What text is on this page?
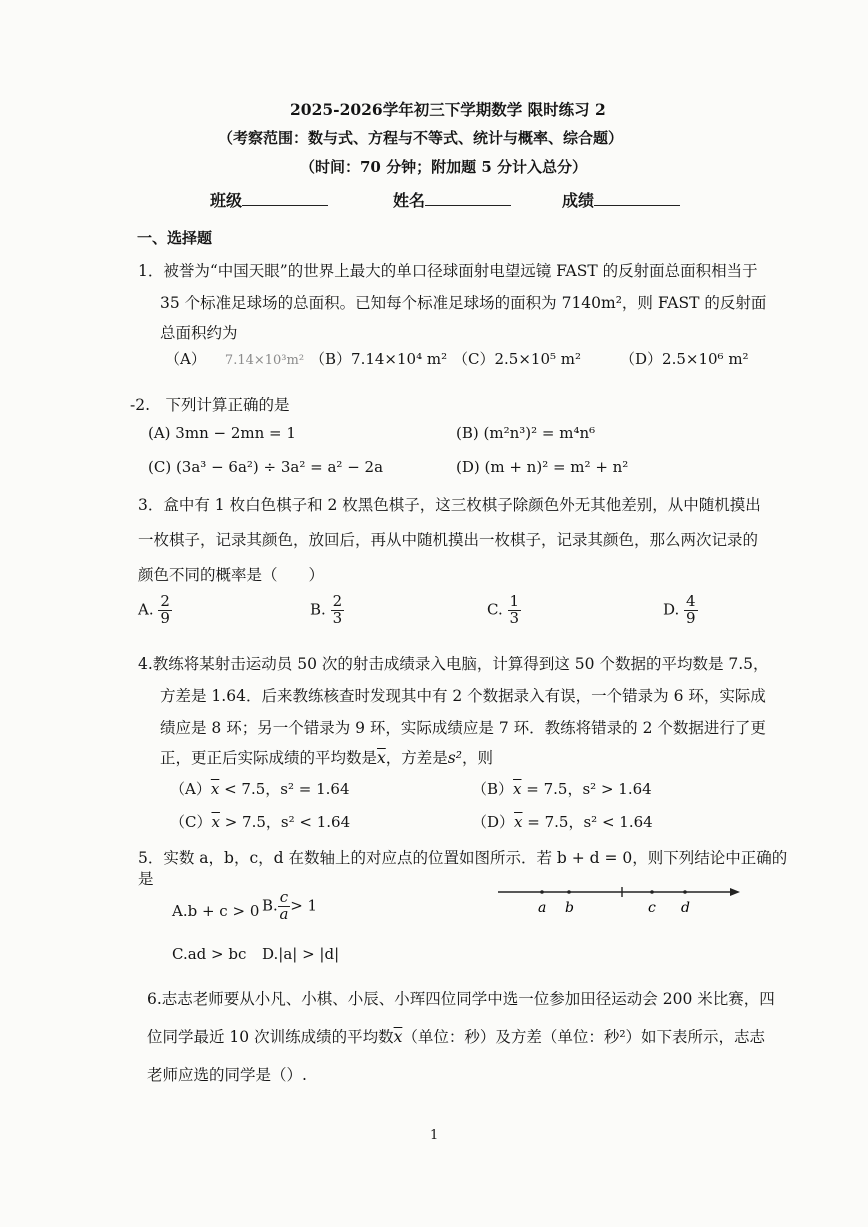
2025-2026学年初三下学期数学 限时练习 2
（考察范围：数与式、方程与不等式、统计与概率、综合题）
（时间：70 分钟；附加题 5 分计入总分）
班级	姓名	成绩
一、选择题
1．被誉为“中国天眼”的世界上最大的单口径球面射电望远镜 FAST 的反射面总面积相当于
35 个标准足球场的总面积。已知每个标准足球场的面积为 7140m²，则 FAST 的反射面
总面积约为
（A） 7.14×10³m² （B）7.14×10⁴ m² （C）2.5×10⁵ m²	（D）2.5×10⁶ m²
-2.　下列计算正确的是
(A) 3mn − 2mn = 1	(B) (m²n³)² = m⁴n⁶
(C) (3a³ − 6a²) ÷ 3a² = a² − 2a	(D) (m + n)² = m² + n²
3．盒中有 1 枚白色棋子和 2 枚黑色棋子，这三枚棋子除颜色外无其他差别，从中随机摸出
一枚棋子，记录其颜色，放回后，再从中随机摸出一枚棋子，记录其颜色，那么两次记录的
颜色不同的概率是（　　）
A. $\frac{2}{9}$	B. $\frac{2}{3}$	C. $\frac{1}{3}$	D. $\frac{4}{9}$
4.教练将某射击运动员 50 次的射击成绩录入电脑，计算得到这 50 个数据的平均数是 7.5，
方差是 1.64．后来教练核查时发现其中有 2 个数据录入有误，一个错录为 6 环，实际成
绩应是 8 环；另一个错录为 9 环，实际成绩应是 7 环．教练将错录的 2 个数据进行了更
正，更正后实际成绩的平均数是$\overline{x}$，方差是s²，则
$(A)\overline{x} < 7.5$，s² = 1.64	$(B)\overline{x} = 7.5$，s² > 1.64
$(C)\overline{x} > 7.5$，s² < 1.64	$(D)\overline{x} = 7.5$，s² < 1.64
5．实数 a，b，c，d 在数轴上的对应点的位置如图所示．若 b + d = 0，则下列结论中正确的
是
A.b + c > 0 B. $\frac{c}{a} > 1$
C.ad > bc D.|a| > |d|
a b	c d
6.志志老师要从小凡、小棋、小辰、小珲四位同学中选一位参加田径运动会 200 米比赛，四
位同学最近 10 次训练成绩的平均数$\overline{x}$（单位：秒）及方差（单位：秒²）如下表所示，志志
老师应选的同学是（）.
1
